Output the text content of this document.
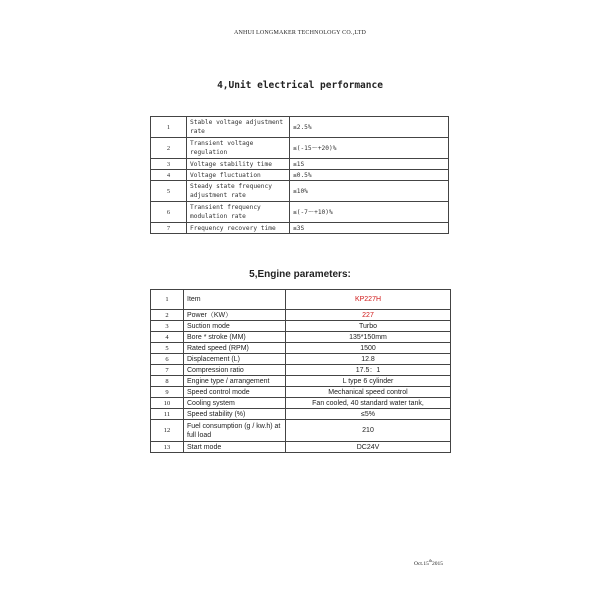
ANHUI LONGMAKER TECHNOLOGY CO.,LTD
4,Unit electrical performance
1	Stable voltage adjustment rate	≤2.5%
2	Transient voltage regulation	≤(-15～+20)%
3	Voltage stability time	≤1S
4	Voltage fluctuation	≤0.5%
5	Steady state frequency adjustment rate	≤10%
6	Transient frequency modulation rate	≤(-7～+10)%
7	Frequency recovery time	≤3S
5,Engine parameters:
1	Item	KP227H
2	Power（KW）	227
3	Suction mode	Turbo
4	Bore * stroke (MM)	135*150mm
5	Rated speed (RPM)	1500
6	Displacement (L)	12.8
7	Compression ratio	17.5：1
8	Engine type / arrangement	L type 6 cylinder
9	Speed control mode	Mechanical speed control
10	Cooling system	Fan cooled, 40 standard water tank,
11	Speed stability (%)	≤5%
12	Fuel consumption (g / kw.h) at full load	210
13	Start mode	DC24V
Oct.15th2015
